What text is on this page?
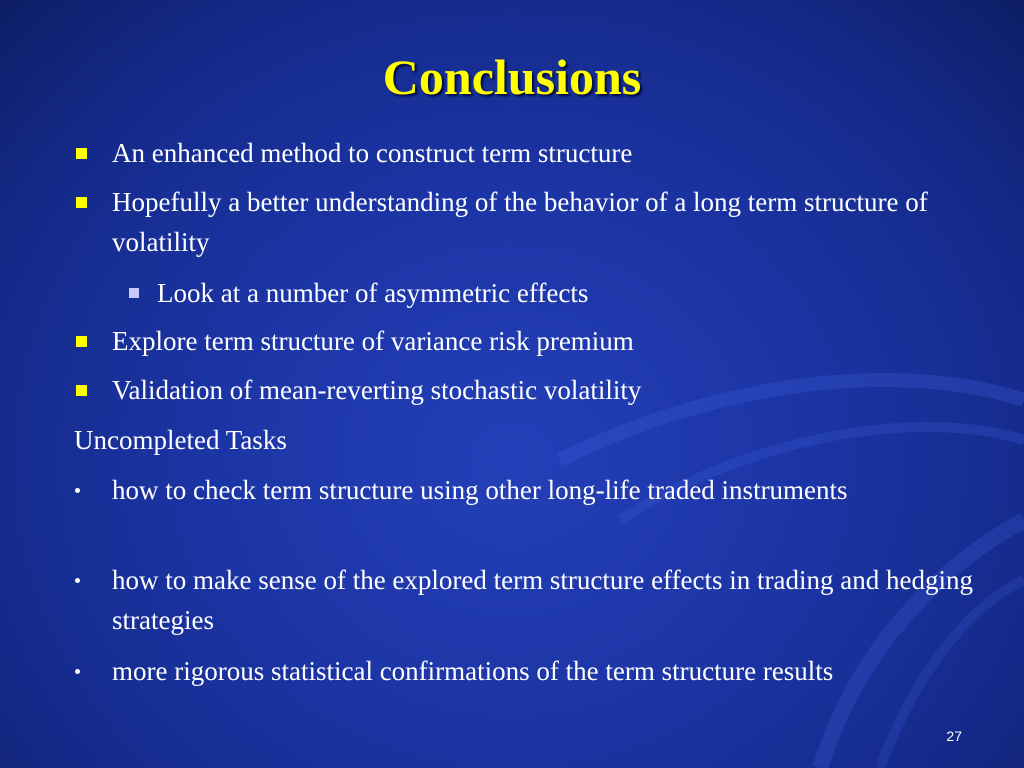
Conclusions
An enhanced method to construct term structure
Hopefully a better understanding of the behavior of a long term structure of volatility
Look at a number of asymmetric effects
Explore term structure of variance risk premium
Validation of mean-reverting stochastic volatility
Uncompleted Tasks
how to check term structure using other long-life traded instruments
how to make sense of the explored term structure effects in trading and hedging strategies
more rigorous statistical confirmations of the term structure results
27
